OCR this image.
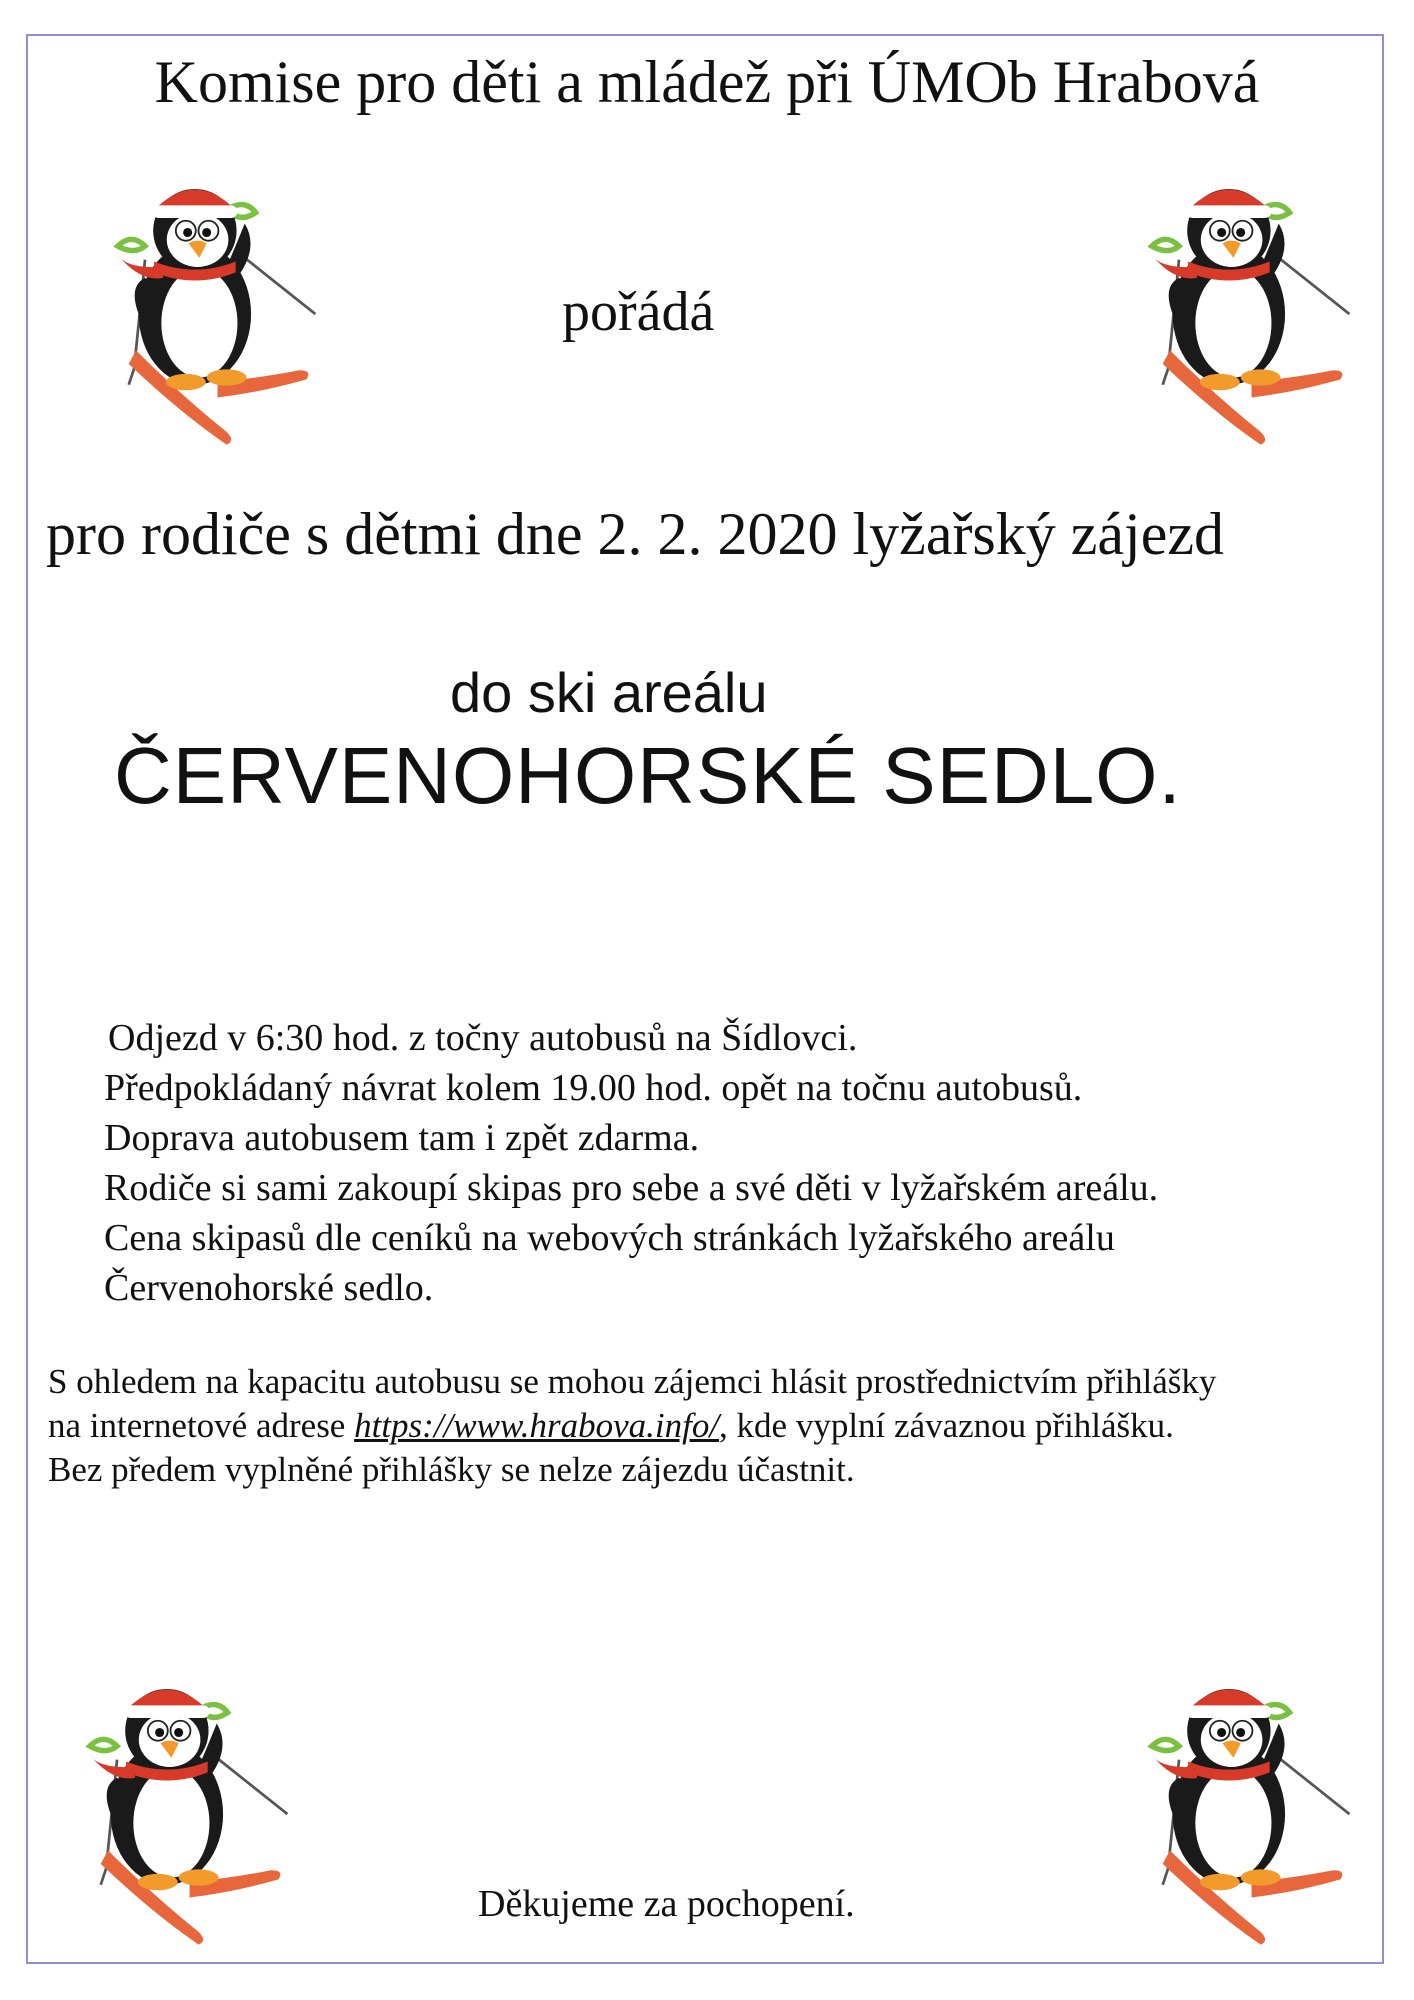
Komise pro děti a mládež při ÚMOb Hrabová
pořádá
pro rodiče s dětmi dne 2. 2. 2020 lyžařský zájezd
do ski areálu
ČERVENOHORSKÉ SEDLO.
Odjezd v 6:30 hod. z točny autobusů na Šídlovci.
Předpokládaný návrat kolem 19.00 hod. opět na točnu autobusů.
Doprava autobusem tam i zpět zdarma.
Rodiče si sami zakoupí skipas pro sebe a své děti v lyžařském areálu.
Cena skipasů dle ceníků na webových stránkách lyžařského areálu
Červenohorské sedlo.
S ohledem na kapacitu autobusu se mohou zájemci hlásit prostřednictvím přihlášky
na internetové adrese https://www.hrabova.info/, kde vyplní závaznou přihlášku.
Bez předem vyplněné přihlášky se nelze zájezdu účastnit.
Děkujeme za pochopení.
